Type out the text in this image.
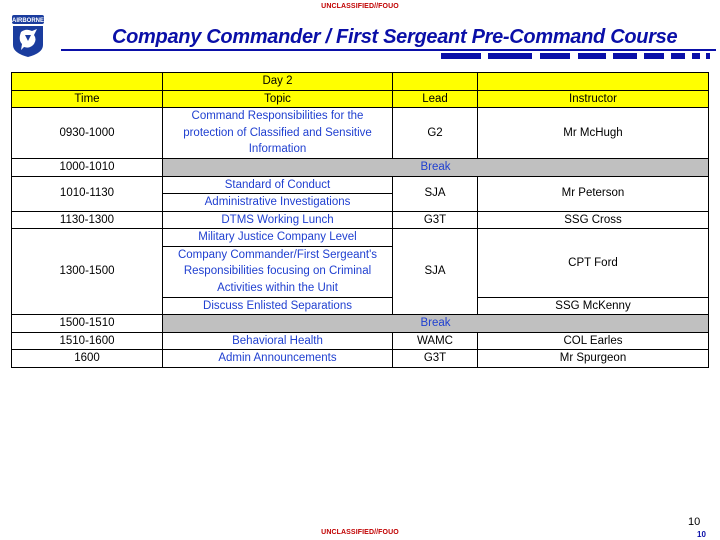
UNCLASSIFIED//FOUO
AIRBORNE
Company Commander / First Sergeant Pre-Command Course
	Day 2		
Time	Topic	Lead	Instructor
0930-1000	Command Responsibilities for the protection of Classified and Sensitive Information	G2	Mr McHugh
1000-1010	Break		
1010-1130	Standard of Conduct	SJA	Mr Peterson
	Administrative Investigations		
1130-1300	DTMS Working Lunch	G3T	SSG Cross
1300-1500	Military Justice Company Level	SJA	CPT Ford
	Company Commander/First Sergeant's Responsibilities focusing on Criminal Activities within the Unit		
	Discuss Enlisted Separations		SSG McKenny
1500-1510	Break		
1510-1600	Behavioral Health	WAMC	COL Earles
1600	Admin Announcements	G3T	Mr Spurgeon
10
10
UNCLASSIFIED//FOUO
